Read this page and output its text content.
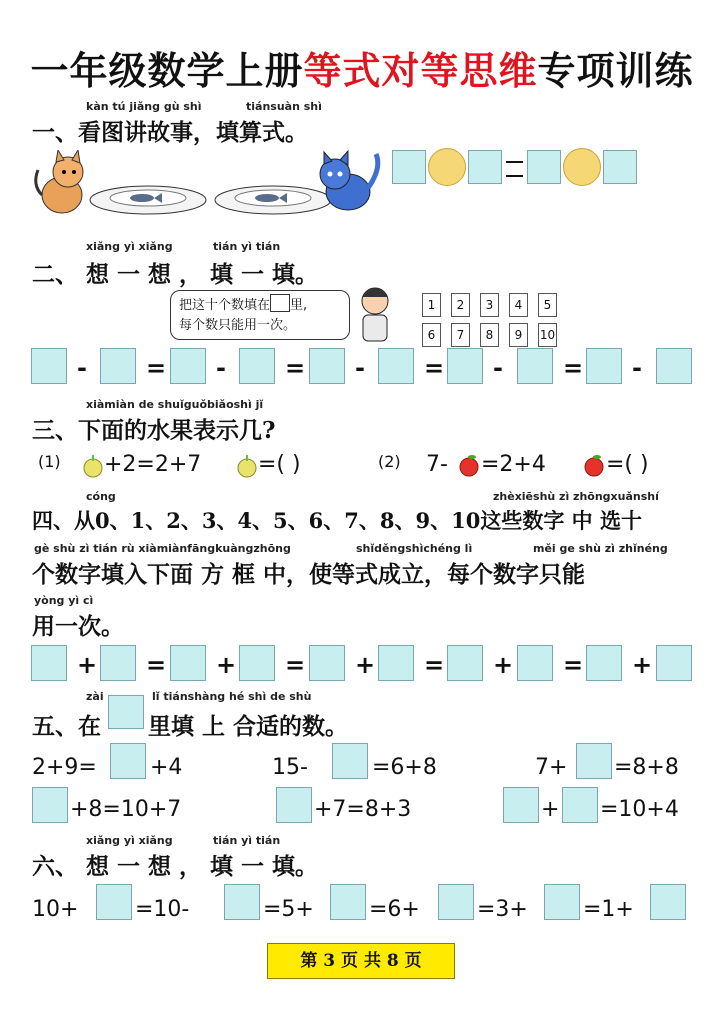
一年级数学上册等式对等思维专项训练
kàn tú jiǎng gù shì	tiánsuàn shì
一、看图讲故事，填算式。
xiǎng yì xiǎng	tián yì tián
二、 想 一 想 ， 填 一 填。
把这十个数填在 里,
每个数只能用一次。
1	2	3	4	5
6	7	8	9	10
- = - = - = -	= -
xiàmiàn de shuǐguǒbiǎoshì jǐ
三、下面的水果表示几?
(1) +2=2+7	=( )	(2) 7- =2+4	=( )
cóng	zhèxiēshù zì zhōngxuǎnshí
四、从0、1、2、3、4、5、6、7、8、9、10这些数字 中 选十
gè shù zì tián rù xiàmiànfāngkuàngzhōng	shǐděngshìchéng lì	měi ge shù zì zhǐnéng
个数字填入下面 方 框 中，使等式成立，每个数字只能
yòng yì cì
用一次。
+ = + = + = + = +
zài	lǐ tiánshàng hé shì de shù
五、在 里填 上 合适的数。
2+9= +4	15-	=6+8	7+ =8+8
+8=10+7	+7=8+3	+ =10+4
xiǎng yì xiǎng	tián yì tián
六、 想 一 想 ， 填 一 填。
10+	=10-	=5+	=6+	=3+	=1+
第 3 页 共 8 页
